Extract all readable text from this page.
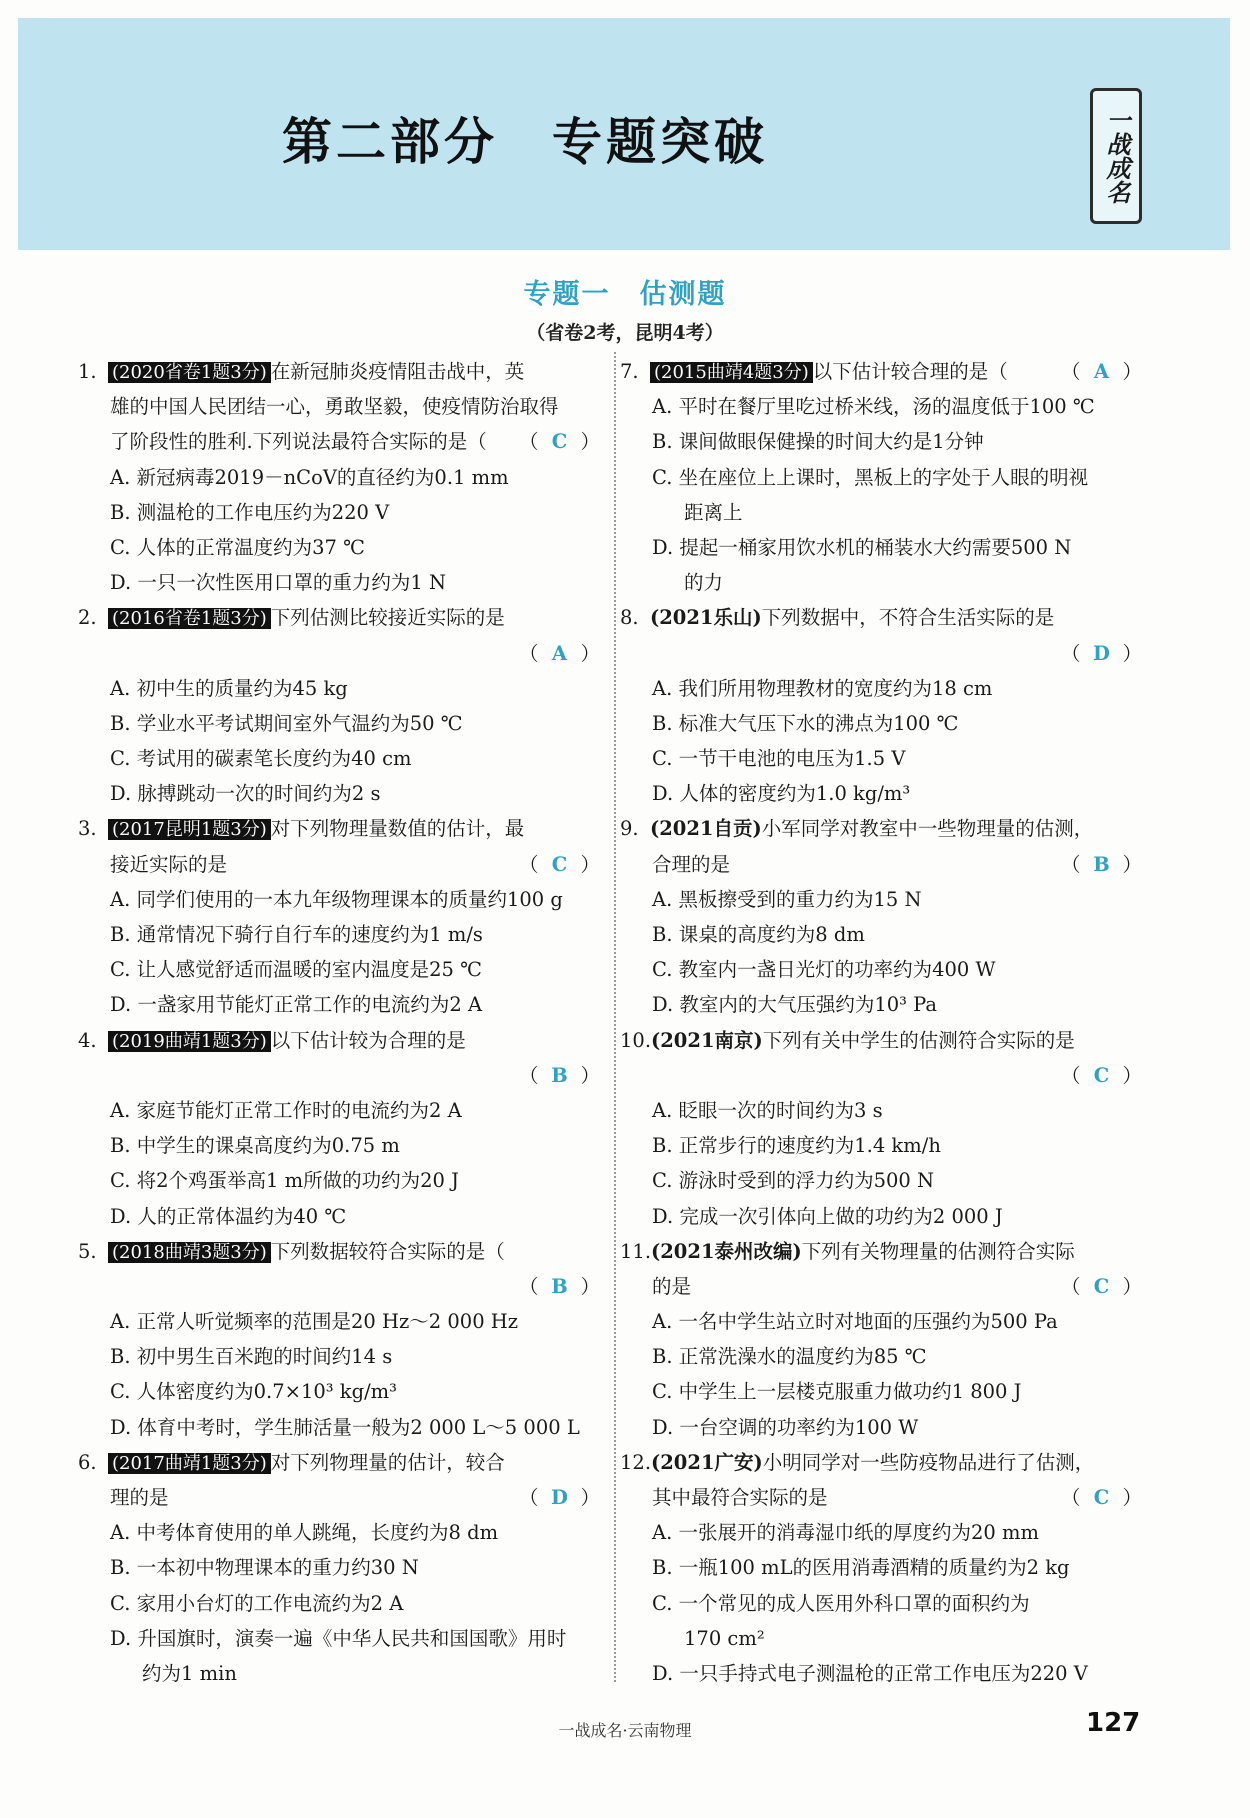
第二部分　专题突破	一战成名
专题一　估测题
（省卷2考，昆明4考）
1. (2020省卷1题3分) 在新冠肺炎疫情阻击战中，英
雄的中国人民团结一心，勇敢坚毅，使疫情防治取得
了阶段性的胜利.下列说法最符合实际的是（ （ C ）
A. 新冠病毒2019－nCoV的直径约为0.1 mm
B. 测温枪的工作电压约为220 V
C. 人体的正常温度约为37 ℃
D. 一只一次性医用口罩的重力约为1 N
2. (2016省卷1题3分) 下列估测比较接近实际的是
（ A ）
A. 初中生的质量约为45 kg
B. 学业水平考试期间室外气温约为50 ℃
C. 考试用的碳素笔长度约为40 cm
D. 脉搏跳动一次的时间约为2 s
3. (2017昆明1题3分) 对下列物理量数值的估计，最
接近实际的是	（ C ）
A. 同学们使用的一本九年级物理课本的质量约100 g
B. 通常情况下骑行自行车的速度约为1 m/s
C. 让人感觉舒适而温暖的室内温度是25 ℃
D. 一盏家用节能灯正常工作的电流约为2 A
4. (2019曲靖1题3分) 以下估计较为合理的是
（ B ）
A. 家庭节能灯正常工作时的电流约为2 A
B. 中学生的课桌高度约为0.75 m
C. 将2个鸡蛋举高1 m所做的功约为20 J
D. 人的正常体温约为40 ℃
5. (2018曲靖3题3分) 下列数据较符合实际的是（
（ B ）
A. 正常人听觉频率的范围是20 Hz～2 000 Hz
B. 初中男生百米跑的时间约14 s
C. 人体密度约为0.7×10³ kg/m³
D. 体育中考时，学生肺活量一般为2 000 L～5 000 L
6. (2017曲靖1题3分) 对下列物理量的估计，较合
理的是	（ D ）
A. 中考体育使用的单人跳绳，长度约为8 dm
B. 一本初中物理课本的重力约30 N
C. 家用小台灯的工作电流约为2 A
D. 升国旗时，演奏一遍《中华人民共和国国歌》用时
约为1 min
7. (2015曲靖4题3分) 以下估计较合理的是（	（ A ）
A. 平时在餐厅里吃过桥米线，汤的温度低于100 ℃
B. 课间做眼保健操的时间大约是1分钟
C. 坐在座位上上课时，黑板上的字处于人眼的明视
距离上
D. 提起一桶家用饮水机的桶装水大约需要500 N
的力
8. (2021乐山)下列数据中，不符合生活实际的是
（ D ）
A. 我们所用物理教材的宽度约为18 cm
B. 标准大气压下水的沸点为100 ℃
C. 一节干电池的电压为1.5 V
D. 人体的密度约为1.0 kg/m³
9. (2021自贡)小军同学对教室中一些物理量的估测，
合理的是	（ B ）
A. 黑板擦受到的重力约为15 N
B. 课桌的高度约为8 dm
C. 教室内一盏日光灯的功率约为400 W
D. 教室内的大气压强约为10³ Pa
10.(2021南京)下列有关中学生的估测符合实际的是
（ C ）
A. 眨眼一次的时间约为3 s
B. 正常步行的速度约为1.4 km/h
C. 游泳时受到的浮力约为500 N
D. 完成一次引体向上做的功约为2 000 J
11.(2021泰州改编)下列有关物理量的估测符合实际
的是	（ C ）
A. 一名中学生站立时对地面的压强约为500 Pa
B. 正常洗澡水的温度约为85 ℃
C. 中学生上一层楼克服重力做功约1 800 J
D. 一台空调的功率约为100 W
12.(2021广安)小明同学对一些防疫物品进行了估测，
其中最符合实际的是	（ C ）
A. 一张展开的消毒湿巾纸的厚度约为20 mm
B. 一瓶100 mL的医用消毒酒精的质量约为2 kg
C. 一个常见的成人医用外科口罩的面积约为
170 cm²
D. 一只手持式电子测温枪的正常工作电压为220 V
一战成名·云南物理	127
